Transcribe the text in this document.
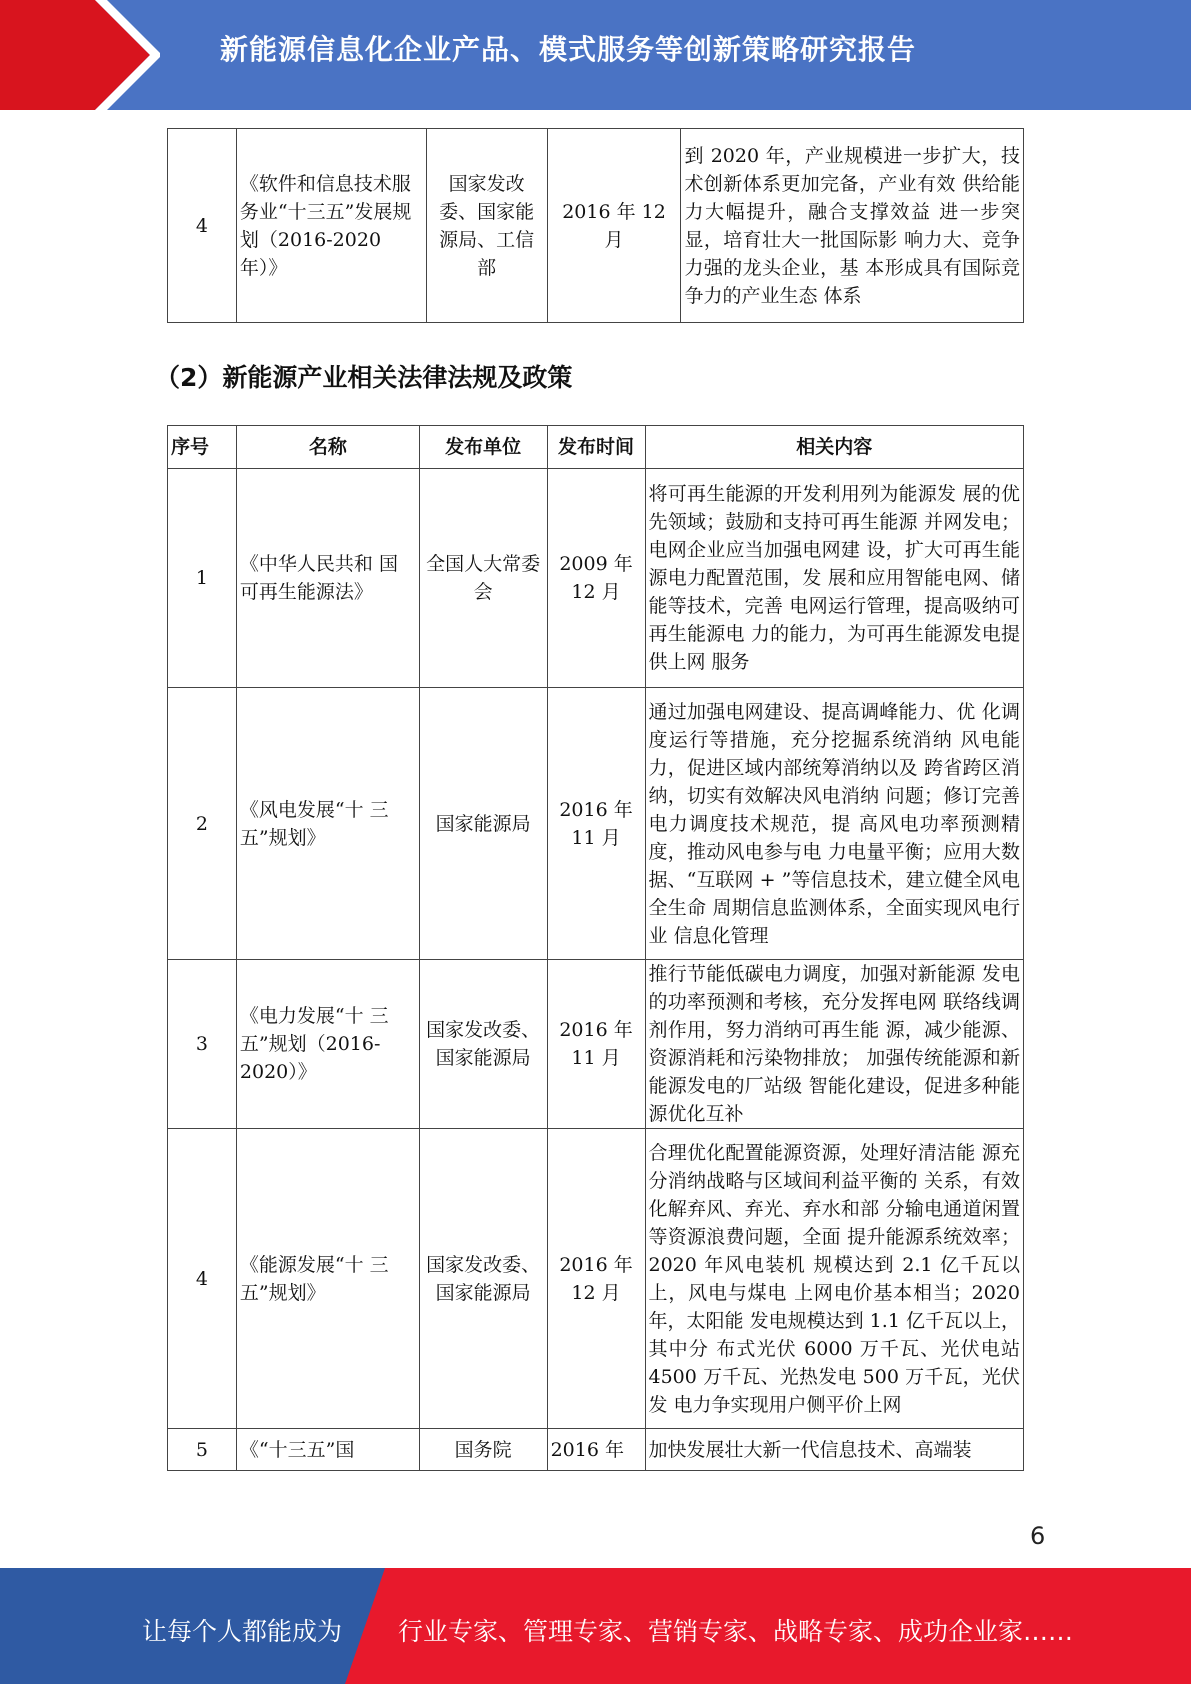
新能源信息化企业产品、模式服务等创新策略研究报告
4	《软件和信息技术服务业“十三五”发展规划（2016-2020 年）》	国家发改委、国家能源局、工信部	2016 年 12 月	到 2020 年，产业规模进一步扩大，技术创新体系更加完备，产业有效 供给能力大幅提升，融合支撑效益 进一步突显，培育壮大一批国际影 响力大、竞争力强的龙头企业，基 本形成具有国际竞争力的产业生态 体系
（2）新能源产业相关法律法规及政策
序号	名称	发布单位	发布时间	相关内容
1	《中华人民共和 国可再生能源法》	全国人大常委会	2009 年 12 月	将可再生能源的开发利用列为能源发 展的优先领域；鼓励和支持可再生能源 并网发电；电网企业应当加强电网建 设，扩大可再生能源电力配置范围，发 展和应用智能电网、储能等技术，完善 电网运行管理，提高吸纳可再生能源电 力的能力，为可再生能源发电提供上网 服务
2	《风电发展“十 三五”规划》	国家能源局	2016 年 11 月	通过加强电网建设、提高调峰能力、优 化调度运行等措施，充分挖掘系统消纳 风电能力，促进区域内部统筹消纳以及 跨省跨区消纳，切实有效解决风电消纳 问题；修订完善电力调度技术规范，提 高风电功率预测精度，推动风电参与电 力电量平衡；应用大数据、“互联网 + ”等信息技术，建立健全风电全生命 周期信息监测体系，全面实现风电行业 信息化管理
3	《电力发展“十 三五”规划（2016-2020）》	国家发改委、国家能源局	2016 年 11 月	推行节能低碳电力调度，加强对新能源 发电的功率预测和考核，充分发挥电网 联络线调剂作用，努力消纳可再生能 源，减少能源、资源消耗和污染物排放； 加强传统能源和新能源发电的厂站级 智能化建设，促进多种能源优化互补
4	《能源发展“十 三五”规划》	国家发改委、国家能源局	2016 年 12 月	合理优化配置能源资源，处理好清洁能 源充分消纳战略与区域间利益平衡的 关系，有效化解弃风、弃光、弃水和部 分输电通道闲置等资源浪费问题，全面 提升能源系统效率；2020 年风电装机 规模达到 2.1 亿千瓦以上，风电与煤电 上网电价基本相当；2020 年，太阳能 发电规模达到 1.1 亿千瓦以上，其中分 布式光伏 6000 万千瓦、光伏电站 4500 万千瓦、光热发电 500 万千瓦，光伏发 电力争实现用户侧平价上网
5	《“十三五”国	国务院	2016 年	加快发展壮大新一代信息技术、高端装
6
让每个人都能成为 行业专家、管理专家、营销专家、战略专家、成功企业家……
